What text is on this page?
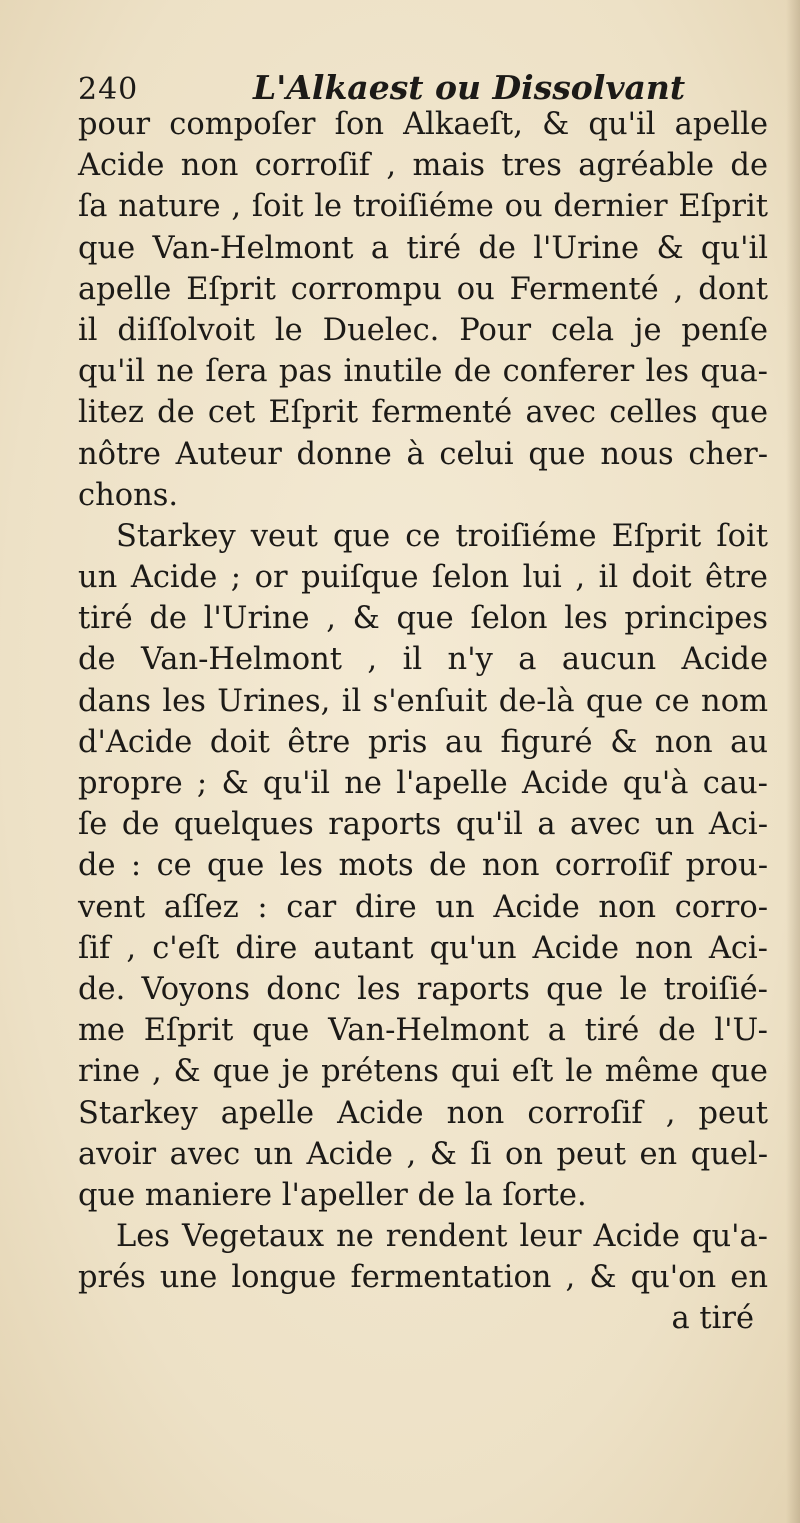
240	L'Alkaest ou Dissolvant
pour compoſer ſon Alkaeſt, & qu'il apelle
Acide non corroſif , mais tres agréable de
ſa nature , ſoit le troiſiéme ou dernier Eſprit
que Van-Helmont a tiré de l'Urine & qu'il
apelle Eſprit corrompu ou Fermenté , dont
il diſſolvoit le Duelec. Pour cela je penſe
qu'il ne ſera pas inutile de conferer les qua-
litez de cet Eſprit fermenté avec celles que
nôtre Auteur donne à celui que nous cher-
chons.
Starkey veut que ce troiſiéme Eſprit ſoit
un Acide ; or puiſque ſelon lui , il doit être
tiré de l'Urine , & que ſelon les principes
de Van-Helmont , il n'y a aucun Acide
dans les Urines, il s'enſuit de-là que ce nom
d'Acide doit être pris au figuré & non au
propre ; & qu'il ne l'apelle Acide qu'à cau-
ſe de quelques raports qu'il a avec un Aci-
de : ce que les mots de non corroſif prou-
vent aſſez : car dire un Acide non corro-
ſif , c'eſt dire autant qu'un Acide non Aci-
de. Voyons donc les raports que le troiſié-
me Eſprit que Van-Helmont a tiré de l'U-
rine , & que je prétens qui eſt le même que
Starkey apelle Acide non corroſif , peut
avoir avec un Acide , & ſi on peut en quel-
que maniere l'apeller de la ſorte.
Les Vegetaux ne rendent leur Acide qu'a-
prés une longue fermentation , & qu'on en
a tiré
